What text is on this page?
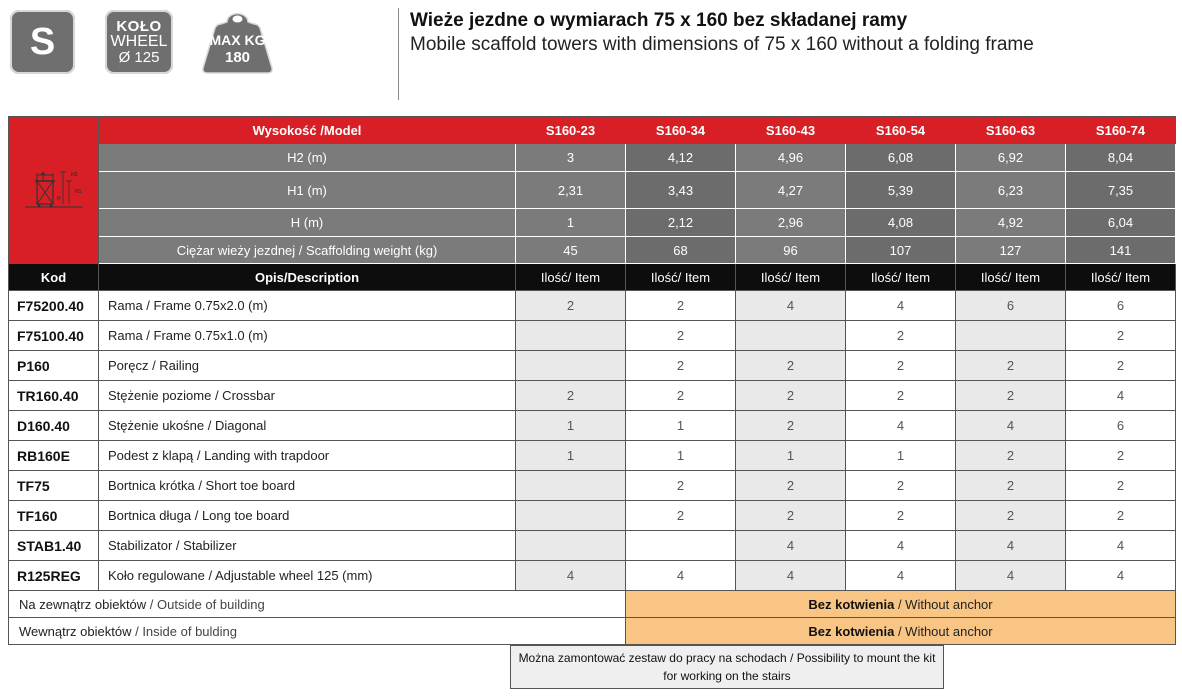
S	KOŁO
WHEEL
Ø 125
MAX KG
180
Wieże jezdne o wymiarach 75 x 160 bez składanej ramy
Mobile scaffold towers with dimensions of 75 x 160 without a folding frame
H2
H1
H	Wysokość /Model	S160-23	S160-34	S160-43	S160-54	S160-63	S160-74
	H2 (m)	3	4,12	4,96	6,08	6,92	8,04
	H1 (m)	2,31	3,43	4,27	5,39	6,23	7,35
	H (m)	1	2,12	2,96	4,08	4,92	6,04
	Ciężar wieży jezdnej / Scaffolding weight (kg)	45	68	96	107	127	141
Kod	Opis/Description	Ilość/ Item	Ilość/ Item	Ilość/ Item	Ilość/ Item	Ilość/ Item	Ilość/ Item
F75200.40	Rama / Frame 0.75x2.0 (m)	2	2	4	4	6	6
F75100.40	Rama / Frame 0.75x1.0 (m)		2		2		2
P160	Poręcz / Railing		2	2	2	2	2
TR160.40	Stężenie poziome / Crossbar	2	2	2	2	2	4
D160.40	Stężenie ukośne / Diagonal	1	1	2	4	4	6
RB160E	Podest z klapą / Landing with trapdoor	1	1	1	1	2	2
TF75	Bortnica krótka / Short toe board		2	2	2	2	2
TF160	Bortnica długa / Long toe board		2	2	2	2	2
STAB1.40	Stabilizator / Stabilizer			4	4	4	4
R125REG	Koło regulowane / Adjustable wheel 125 (mm)	4	4	4	4	4	4
Na zewnątrz obiektów / Outside of building			Bez kotwienia / Without anchor				
Wewnątrz obiektów / Inside of bulding			Bez kotwienia / Without anchor				
Można zamontować zestaw do pracy na schodach / Possibility to mount the kit for working on the stairs
